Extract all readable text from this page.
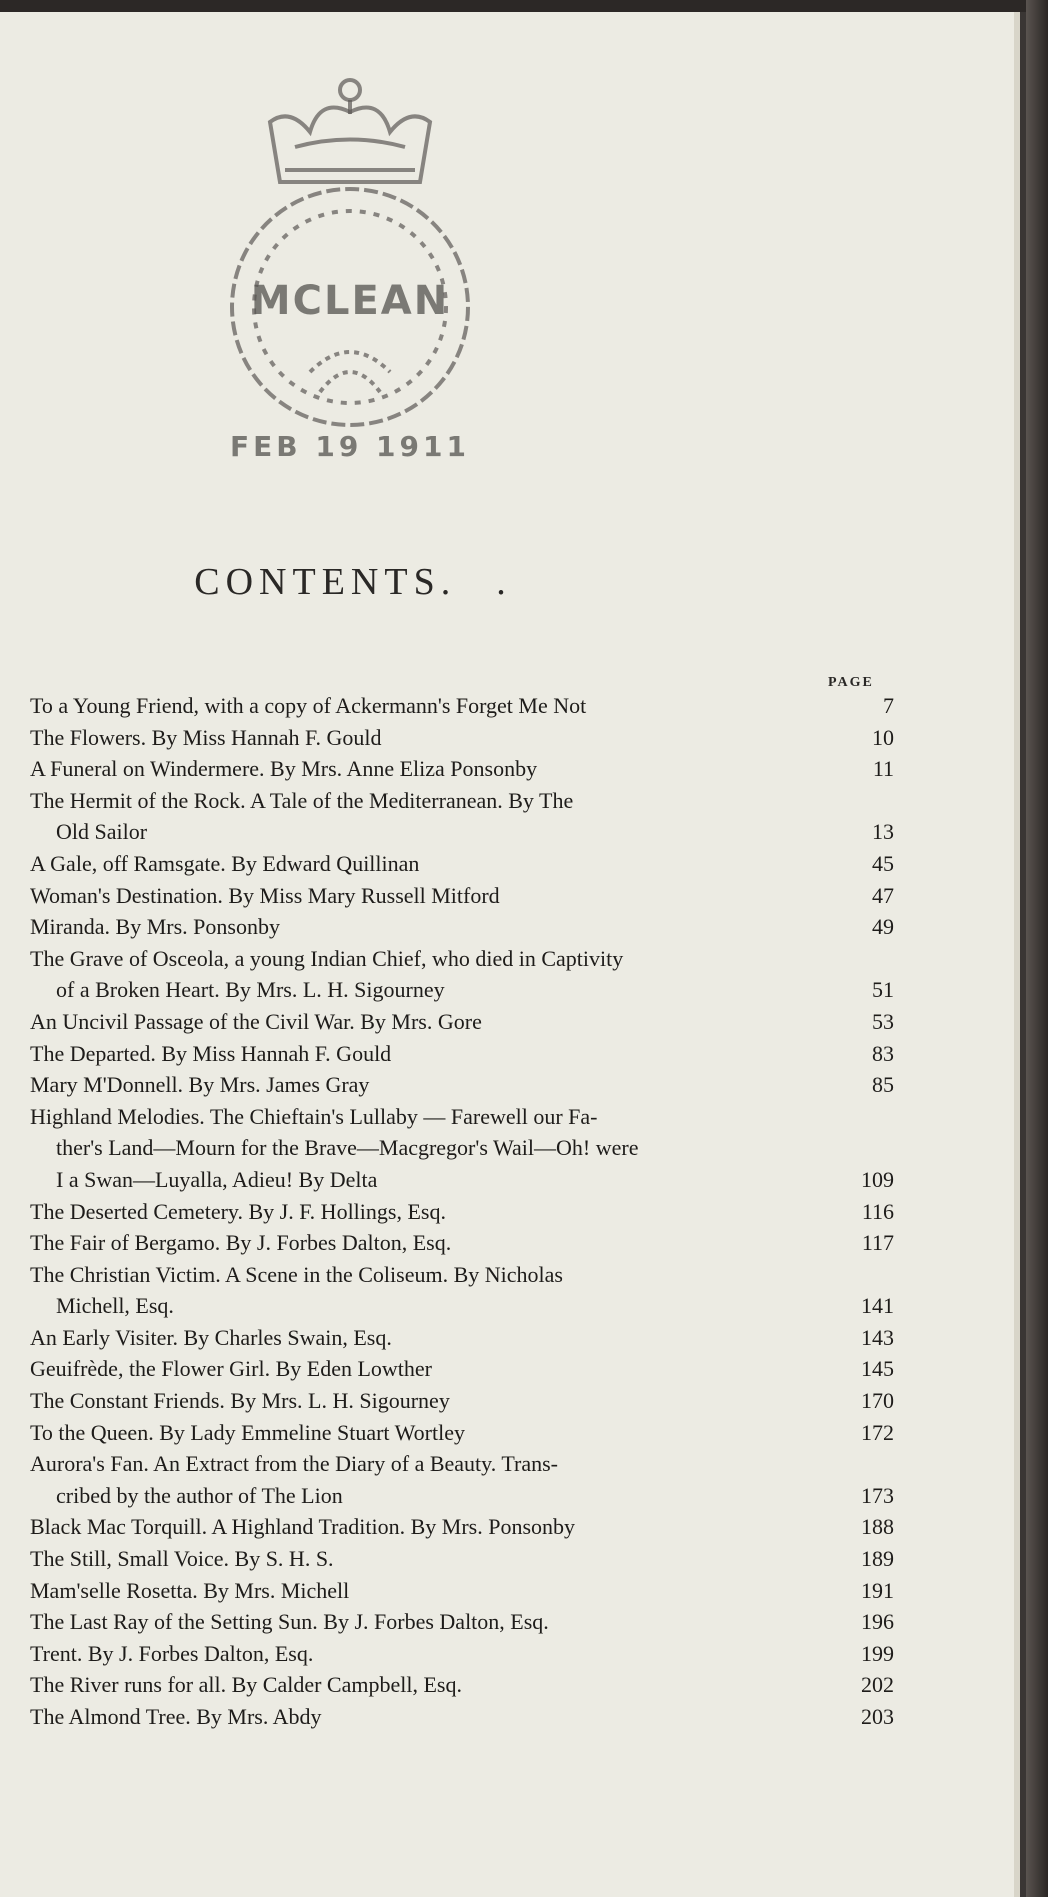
MCLEAN
FEB 19 1911
CONTENTS. .
PAGE
To a Young Friend, with a copy of Ackermann's Forget Me Not	7
The Flowers. By Miss Hannah F. Gould	10
A Funeral on Windermere. By Mrs. Anne Eliza Ponsonby	11
The Hermit of the Rock. A Tale of the Mediterranean. By The
Old Sailor	13
A Gale, off Ramsgate. By Edward Quillinan	45
Woman's Destination. By Miss Mary Russell Mitford	47
Miranda. By Mrs. Ponsonby	49
The Grave of Osceola, a young Indian Chief, who died in Captivity
of a Broken Heart. By Mrs. L. H. Sigourney	51
An Uncivil Passage of the Civil War. By Mrs. Gore	53
The Departed. By Miss Hannah F. Gould	83
Mary M'Donnell. By Mrs. James Gray	85
Highland Melodies. The Chieftain's Lullaby — Farewell our Fa-
ther's Land—Mourn for the Brave—Macgregor's Wail—Oh! were
I a Swan—Luyalla, Adieu! By Delta	109
The Deserted Cemetery. By J. F. Hollings, Esq.	116
The Fair of Bergamo. By J. Forbes Dalton, Esq.	117
The Christian Victim. A Scene in the Coliseum. By Nicholas
Michell, Esq.	141
An Early Visiter. By Charles Swain, Esq.	143
Geuifrède, the Flower Girl. By Eden Lowther	145
The Constant Friends. By Mrs. L. H. Sigourney	170
To the Queen. By Lady Emmeline Stuart Wortley	172
Aurora's Fan. An Extract from the Diary of a Beauty. Trans-
cribed by the author of The Lion	173
Black Mac Torquill. A Highland Tradition. By Mrs. Ponsonby	188
The Still, Small Voice. By S. H. S.	189
Mam'selle Rosetta. By Mrs. Michell	191
The Last Ray of the Setting Sun. By J. Forbes Dalton, Esq.	196
Trent. By J. Forbes Dalton, Esq.	199
The River runs for all. By Calder Campbell, Esq.	202
The Almond Tree. By Mrs. Abdy	203
